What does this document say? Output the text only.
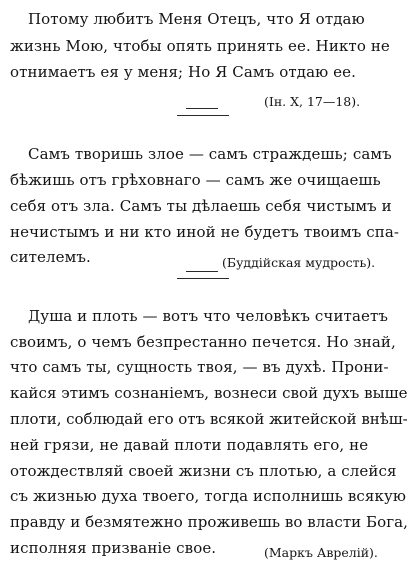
Потому любитъ Меня Отецъ, что Я отдаю
жизнь Мою, чтобы опять принять ее. Никто не
отнимаетъ ея у меня; Но Я Самъ отдаю ее.
(Ін. X, 17—18).
Самъ творишь злое — самъ страждешь; самъ
бѣжишь отъ грѣховнаго — самъ же очищаешь
себя отъ зла. Самъ ты дѣлаешь себя чистымъ и
нечистымъ и ни кто иной не будетъ твоимъ спа-
сителемъ.	(Буддійская мудрость).
Душа и плоть — вотъ что человѣкъ считаетъ
своимъ, о чемъ безпрестанно печется. Но знай,
что самъ ты, сущность твоя, — въ духѣ. Прони-
кайся этимъ сознаніемъ, вознеси свой духъ выше
плоти, соблюдай его отъ всякой житейской внѣш-
ней грязи, не давай плоти подавлять его, не
отождествляй своей жизни съ плотью, а слейся
съ жизнью духа твоего, тогда исполнишь всякую
правду и безмятежно проживешь во власти Бога,
исполняя призваніе свое.	(Маркъ Аврелій).
